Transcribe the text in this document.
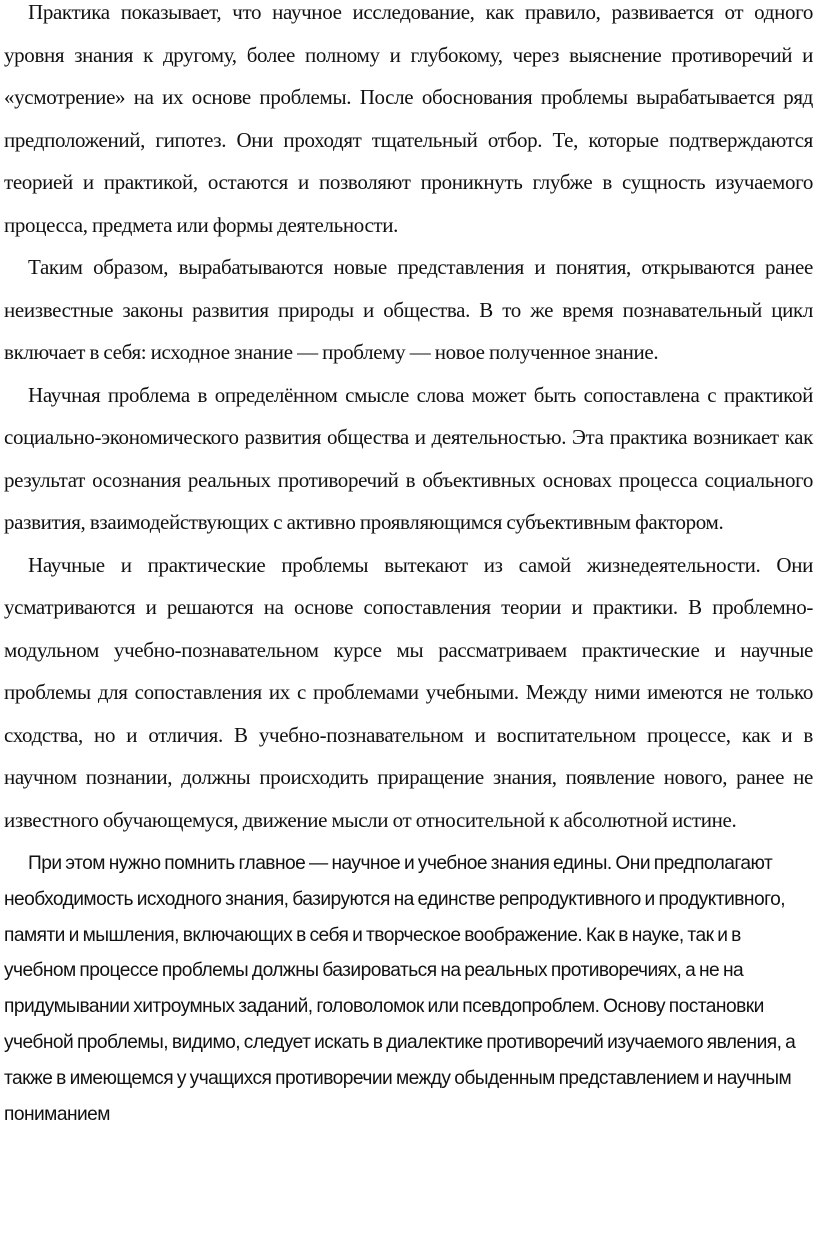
Практика показывает, что научное исследование, как правило, развивается от одного уровня знания к другому, более полному и глубокому, через выяснение противоречий и «усмотрение» на их основе проблемы. После обоснования проблемы вырабатывается ряд предположений, гипотез. Они проходят тщательный отбор. Те, которые подтверждаются теорией и практикой, остаются и позволяют проникнуть глубже в сущность изучаемого процесса, предмета или формы деятельности.

Таким образом, вырабатываются новые представления и понятия, открываются ранее неизвестные законы развития природы и общества. В то же время познавательный цикл включает в себя: исходное знание — проблему — новое полученное знание.

Научная проблема в определённом смысле слова может быть сопоставлена с практикой социально-экономического развития общества и деятельностью. Эта практика возникает как результат осознания реальных противоречий в объективных основах процесса социального развития, взаимодействующих с активно проявляющимся субъективным фактором.

Научные и практические проблемы вытекают из самой жизнедеятельности. Они усматриваются и решаются на основе сопоставления теории и практики. В проблемно-модульном учебно-познавательном курсе мы рассматриваем практические и научные проблемы для сопоставления их с проблемами учебными. Между ними имеются не только сходства, но и отличия. В учебно-познавательном и воспитательном процессе, как и в научном познании, должны происходить приращение знания, появление нового, ранее не известного обучающемуся, движение мысли от относительной к абсолютной истине.

При этом нужно помнить главное — научное и учебное знания едины. Они предполагают необходимость исходного знания, базируются на единстве репродуктивного и продуктивного, памяти и мышления, включающих в себя и творческое воображение. Как в науке, так и в учебном процессе проблемы должны базироваться на реальных противоречиях, а не на придумывании хитроумных заданий, головоломок или псевдопроблем. Основу постановки учебной проблемы, видимо, следует искать в диалектике противоречий изучаемого явления, а также в имеющемся у учащихся противоречии между обыденным представлением и научным пониманием
